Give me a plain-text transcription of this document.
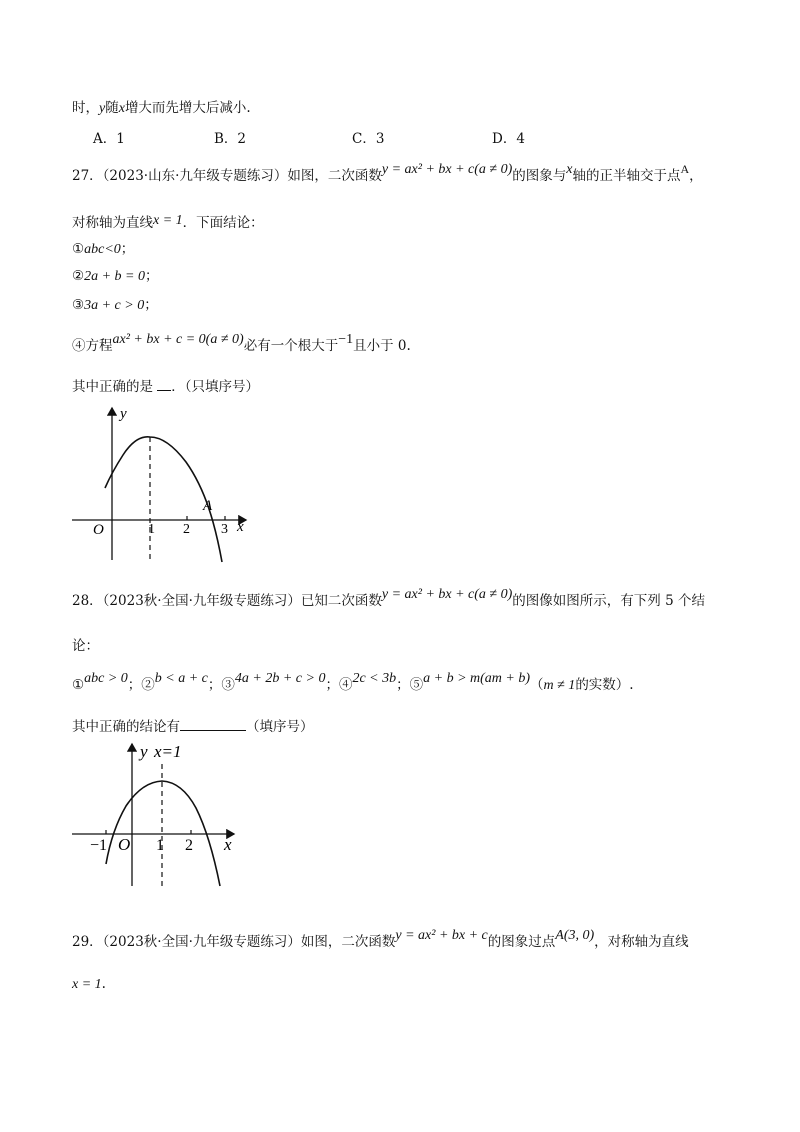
时，y随x增大而先增大后减小.
A．1	B．2	C．3	D．4
27．（2023·山东·九年级专题练习）如图，二次函数y = ax² + bx + c(a ≠ 0)的图象与x轴的正半轴交于点A，
对称轴为直线x = 1．下面结论：
①abc<0；
②2a + b = 0；
③3a + c > 0；
④方程ax² + bx + c = 0(a ≠ 0)必有一个根大于−1且小于 0.
其中正确的是 ．（只填序号）
y
x
O	1 2 3
A
28．（2023秋·全国·九年级专题练习）已知二次函数y = ax² + bx + c(a ≠ 0)的图像如图所示，有下列 5 个结
论：
①abc > 0；②b < a + c；③4a + 2b + c > 0；④2c < 3b；⑤a + b > m(am + b)（m ≠ 1的实数）.
其中正确的结论有	（填序号）
y x=1
x
O
−1	1 2
29．（2023秋·全国·九年级专题练习）如图，二次函数y = ax² + bx + c的图象过点A(3, 0)，对称轴为直线
x = 1.
